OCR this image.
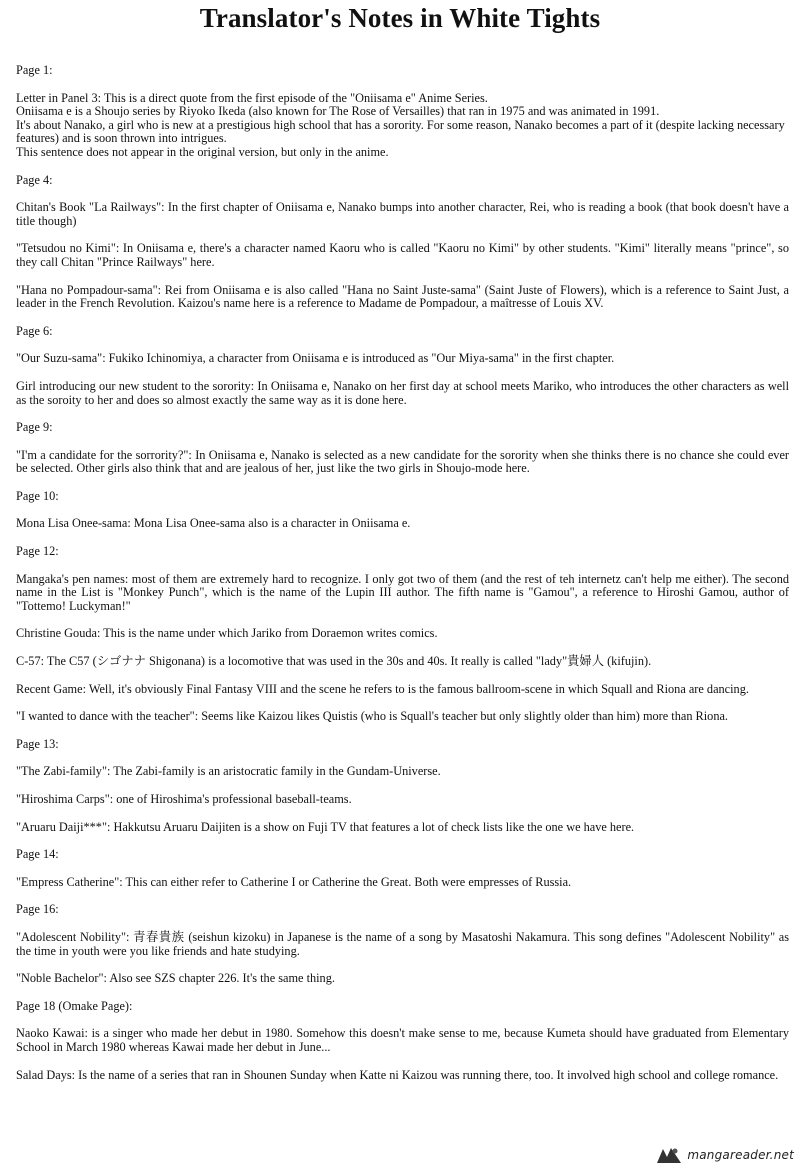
Translator's Notes in White Tights

Page 1:

Letter in Panel 3: This is a direct quote from the first episode of the "Oniisama e" Anime Series.

Oniisama e is a Shoujo series by Riyoko Ikeda (also known for The Rose of Versailles) that ran in 1975 and was animated in 1991.

It's about Nanako, a girl who is new at a prestigious high school that has a sorority. For some reason, Nanako becomes a part of it (despite lacking necessary features) and is soon thrown into intrigues.

This sentence does not appear in the original version, but only in the anime.

Page 4:

Chitan's Book "La Railways": In the first chapter of Oniisama e, Nanako bumps into another character, Rei, who is reading a book (that book doesn't have a title though)

"Tetsudou no Kimi": In Oniisama e, there's a character named Kaoru who is called "Kaoru no Kimi" by other students. "Kimi" literally means "prince", so they call Chitan "Prince Railways" here.

"Hana no Pompadour-sama": Rei from Oniisama e is also called "Hana no Saint Juste-sama" (Saint Juste of Flowers), which is a reference to Saint Just, a leader in the French Revolution. Kaizou's name here is a reference to Madame de Pompadour, a maîtresse of Louis XV.

Page 6:

"Our Suzu-sama": Fukiko Ichinomiya, a character from Oniisama e is introduced as "Our Miya-sama" in the first chapter.

Girl introducing our new student to the sorority: In Oniisama e, Nanako on her first day at school meets Mariko, who introduces the other characters as well as the soroity to her and does so almost exactly the same way as it is done here.

Page 9:

"I'm a candidate for the sorrority?": In Oniisama e, Nanako is selected as a new candidate for the sorority when she thinks there is no chance she could ever be selected. Other girls also think that and are jealous of her, just like the two girls in Shoujo-mode here.

Page 10:

Mona Lisa Onee-sama: Mona Lisa Onee-sama also is a character in Oniisama e.

Page 12:

Mangaka's pen names: most of them are extremely hard to recognize. I only got two of them (and the rest of teh internetz can't help me either). The second name in the List is "Monkey Punch", which is the name of the Lupin III author. The fifth name is "Gamou", a reference to Hiroshi Gamou, author of "Tottemo! Luckyman!"

Christine Gouda: This is the name under which Jariko from Doraemon writes comics.

C-57: The C57 (シゴナナ Shigonana) is a locomotive that was used in the 30s and 40s. It really is called "lady"貴婦人 (kifujin).

Recent Game: Well, it's obviously Final Fantasy VIII and the scene he refers to is the famous ballroom-scene in which Squall and Riona are dancing.

"I wanted to dance with the teacher": Seems like Kaizou likes Quistis (who is Squall's teacher but only slightly older than him) more than Riona.

Page 13:

"The Zabi-family": The Zabi-family is an aristocratic family in the Gundam-Universe.

"Hiroshima Carps": one of Hiroshima's professional baseball-teams.

"Aruaru Daiji***": Hakkutsu Aruaru Daijiten is a show on Fuji TV that features a lot of check lists like the one we have here.

Page 14:

"Empress Catherine": This can either refer to Catherine I or Catherine the Great. Both were empresses of Russia.

Page 16:

"Adolescent Nobility": 青春貴族 (seishun kizoku) in Japanese is the name of a song by Masatoshi Nakamura. This song defines "Adolescent Nobility" as the time in youth were you like friends and hate studying.

"Noble Bachelor": Also see SZS chapter 226. It's the same thing.

Page 18 (Omake Page):

Naoko Kawai: is a singer who made her debut in 1980. Somehow this doesn't make sense to me, because Kumeta should have graduated from Elementary School in March 1980 whereas Kawai made her debut in June...

Salad Days: Is the name of a series that ran in Shounen Sunday when Katte ni Kaizou was running there, too. It involved high school and college romance.

mangareader.net
